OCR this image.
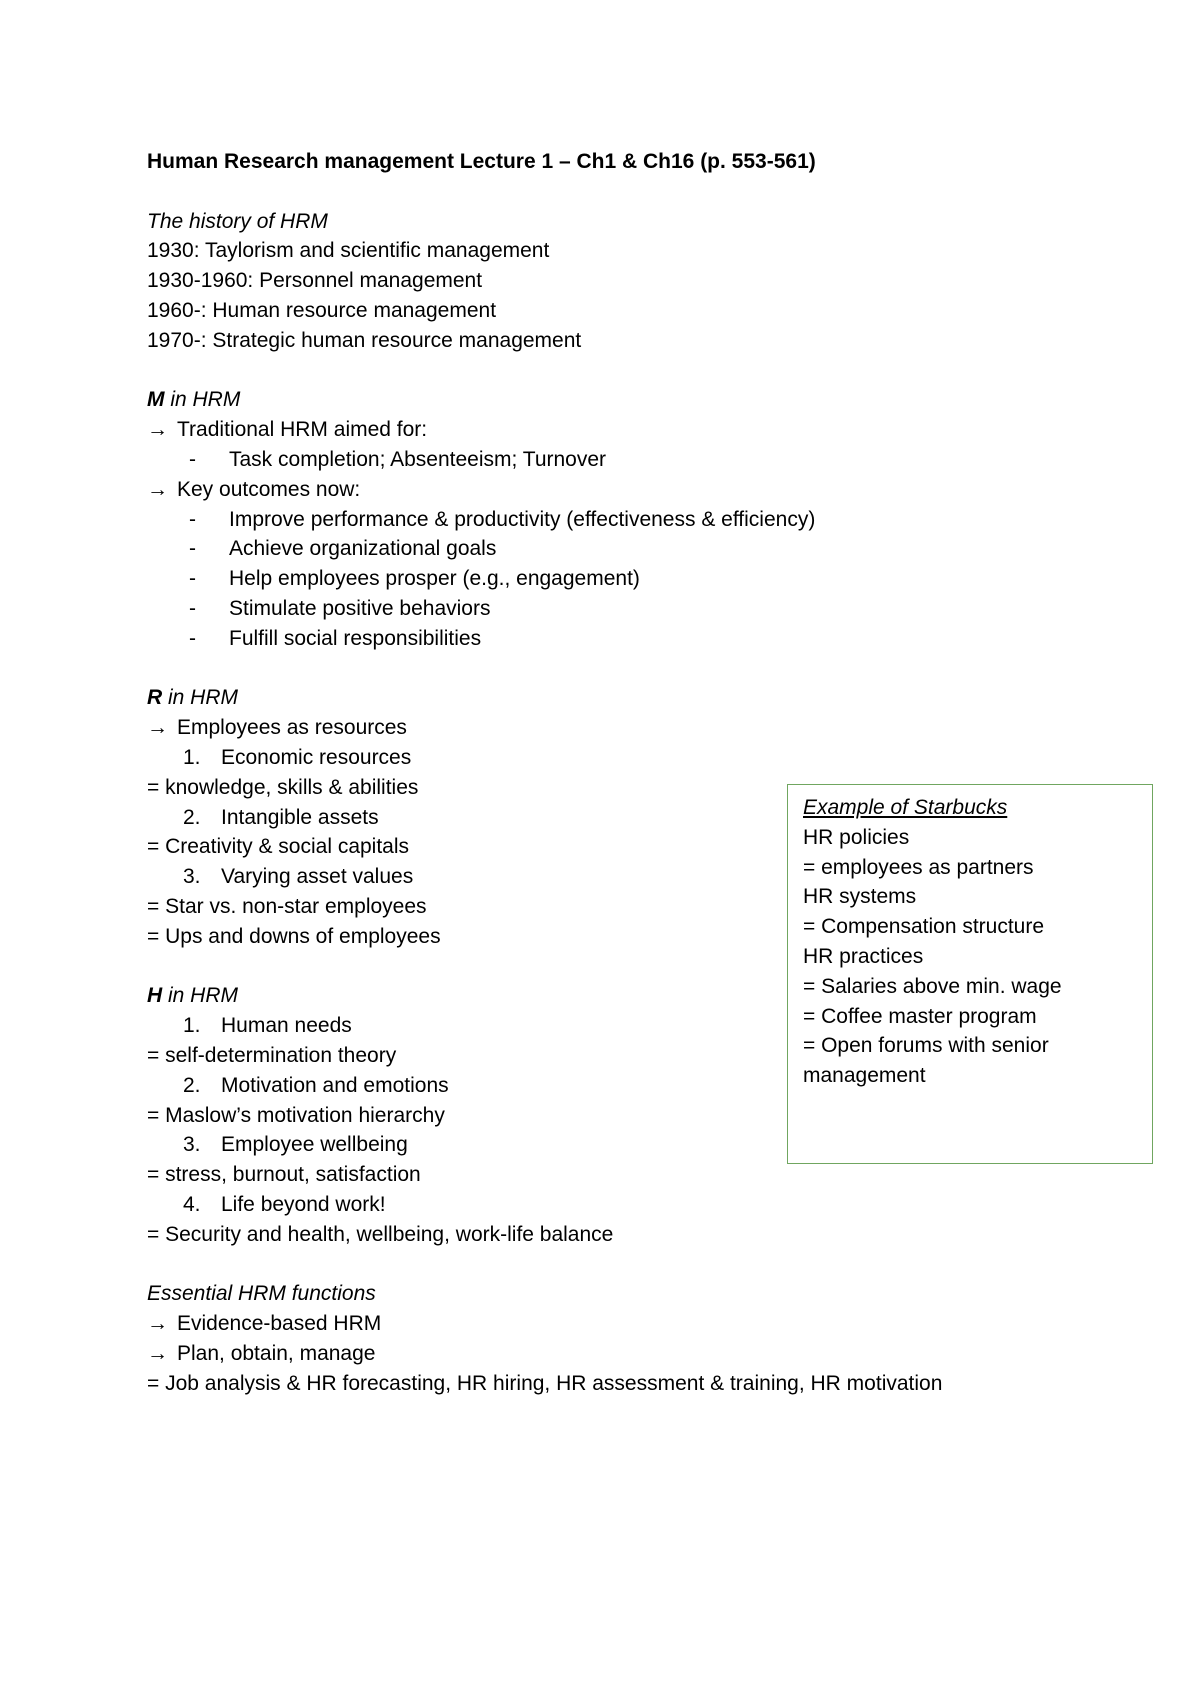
Human Research management Lecture 1 – Ch1 & Ch16 (p. 553-561)
The history of HRM
1930: Taylorism and scientific management
1930-1960: Personnel management
1960-: Human resource management
1970-: Strategic human resource management
M in HRM
→ Traditional HRM aimed for:
- Task completion; Absenteeism; Turnover
→ Key outcomes now:
- Improve performance & productivity (effectiveness & efficiency)
- Achieve organizational goals
- Help employees prosper (e.g., engagement)
- Stimulate positive behaviors
- Fulfill social responsibilities
R in HRM
→ Employees as resources
1. Economic resources
= knowledge, skills & abilities
2. Intangible assets
= Creativity & social capitals
3. Varying asset values
= Star vs. non-star employees
= Ups and downs of employees
H in HRM
1. Human needs
= self-determination theory
2. Motivation and emotions
= Maslow’s motivation hierarchy
3. Employee wellbeing
= stress, burnout, satisfaction
4. Life beyond work!
= Security and health, wellbeing, work-life balance
Essential HRM functions
→ Evidence-based HRM
→ Plan, obtain, manage
= Job analysis & HR forecasting, HR hiring, HR assessment & training, HR motivation
Example of Starbucks
HR policies
= employees as partners
HR systems
= Compensation structure
HR practices
= Salaries above min. wage
= Coffee master program
= Open forums with senior management
